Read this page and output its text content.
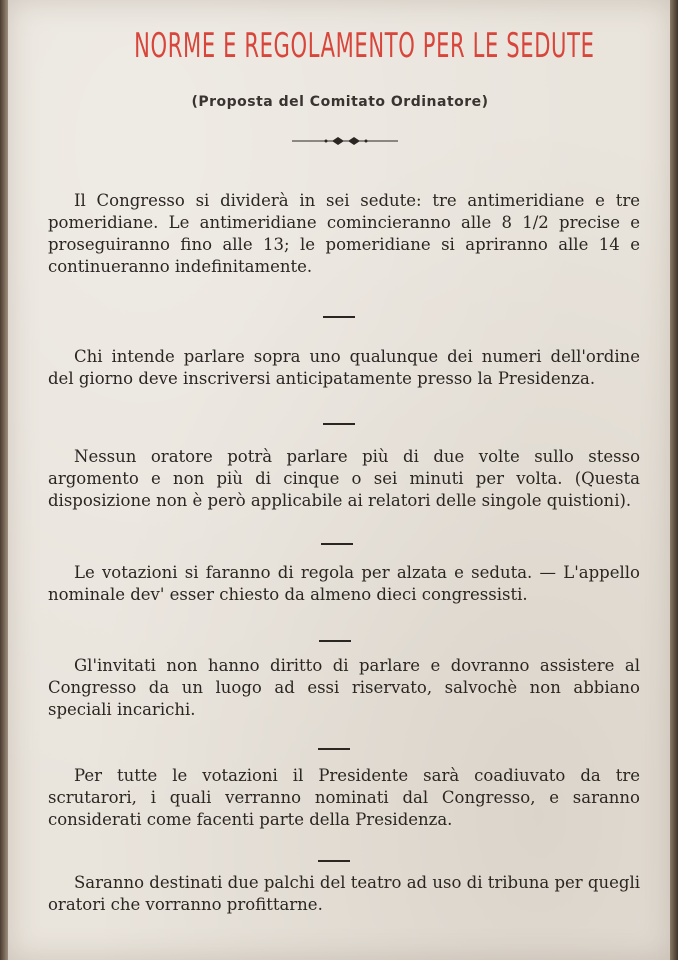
NORME E REGOLAMENTO PER LE SEDUTE
(Proposta del Comitato Ordinatore)
Il Congresso si dividerà in sei sedute: tre antimeridiane e tre pomeridiane. Le antimeridiane comincieranno alle 8 1/2 precise e proseguiranno fino alle 13; le pomeridiane si apriranno alle 14 e continueranno indefinitamente.
Chi intende parlare sopra uno qualunque dei numeri dell'ordine del giorno deve inscriversi anticipatamente presso la Presidenza.
Nessun oratore potrà parlare più di due volte sullo stesso argomento e non più di cinque o sei minuti per volta. (Questa disposizione non è però applicabile ai relatori delle singole quistioni).
Le votazioni si faranno di regola per alzata e seduta. — L'appello nominale dev' esser chiesto da almeno dieci congressisti.
Gl'invitati non hanno diritto di parlare e dovranno assistere al Congresso da un luogo ad essi riservato, salvochè non abbiano speciali incarichi.
Per tutte le votazioni il Presidente sarà coadiuvato da tre scrutarori, i quali verranno nominati dal Congresso, e saranno considerati come facenti parte della Presidenza.
Saranno destinati due palchi del teatro ad uso di tribuna per quegli oratori che vorranno profittarne.
